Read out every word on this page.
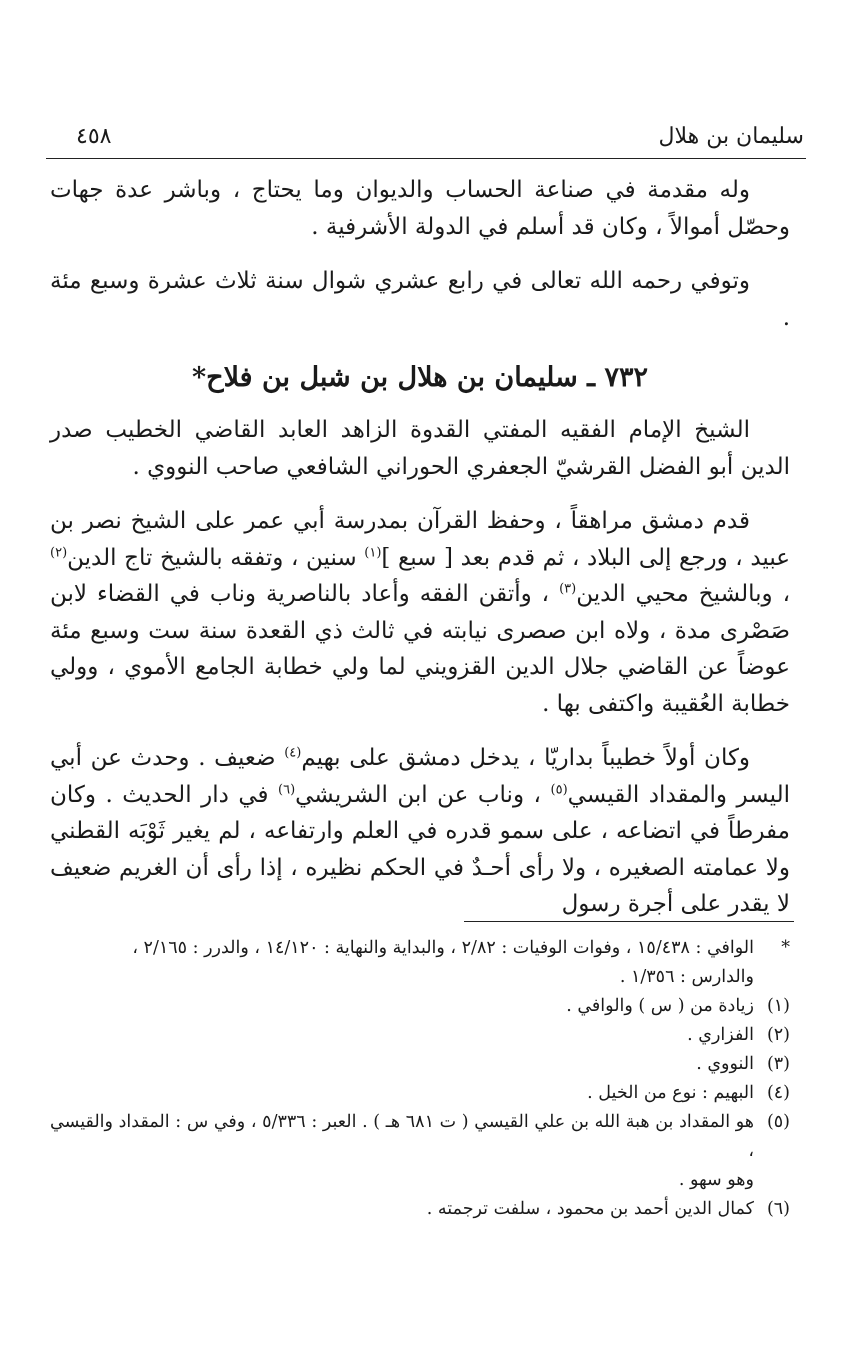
سليمان بن هلال
٤٥٨

وله مقدمة في صناعة الحساب والديوان وما يحتاج ، وباشر عدة جهات وحصّل أموالاً ، وكان قد أسلم في الدولة الأشرفية .

وتوفي رحمه الله تعالى في رابع عشري شوال سنة ثلاث عشرة وسبع مئة .

٧٣٢ ـ سليمان بن هلال بن شبل بن فلاح*

الشيخ الإمام الفقيه المفتي القدوة الزاهد العابد القاضي الخطيب صدر الدين أبو الفضل القرشيّ الجعفري الحوراني الشافعي صاحب النووي .

قدم دمشق مراهقاً ، وحفظ القرآن بمدرسة أبي عمر على الشيخ نصر بن عبيد ، ورجع إلى البلاد ، ثم قدم بعد [ سبع ]$^{(١)}$ سنين ، وتفقه بالشيخ تاج الدين$^{(٢)}$ ، وبالشيخ محيي الدين$^{(٣)}$ ، وأتقن الفقه وأعاد بالناصرية وناب في القضاء لابن صَصْرى مدة ، ولاه ابن صصرى نيابته في ثالث ذي القعدة سنة ست وسبع مئة عوضاً عن القاضي جلال الدين القزويني لما ولي خطابة الجامع الأموي ، وولي خطابة العُقيبة واكتفى بها .

وكان أولاً خطيباً بداريّا ، يدخل دمشق على بهيم$^{(٤)}$ ضعيف . وحدث عن أبي اليسر والمقداد القيسي$^{(٥)}$ ، وناب عن ابن الشريشي$^{(٦)}$ في دار الحديث . وكان مفرطاً في اتضاعه ، على سمو قدره في العلم وارتفاعه ، لم يغير ثَوْبَه القطني ولا عمامته الصغيره ، ولا رأى أحـدٌ في الحكم نظيره ، إذا رأى أن الغريم ضعيف لا يقدر على أجرة رسول

*
الوافي : ١٥/٤٣٨ ، وفوات الوفيات : ٢/٨٢ ، والبداية والنهاية : ١٤/١٢٠ ، والدرر : ٢/١٦٥ ،
والدارس : ١/٣٥٦ .
(١)
زيادة من ( س ) والوافي .
(٢)
الفزاري .
(٣)
النووي .
(٤)
البهيم : نوع من الخيل .
(٥)
هو المقداد بن هبة الله بن علي القيسي ( ت ٦٨١ هـ ) . العبر : ٥/٣٣٦ ، وفي س : المقداد والقيسي ،
وهو سهو .
(٦)
كمال الدين أحمد بن محمود ، سلفت ترجمته .
